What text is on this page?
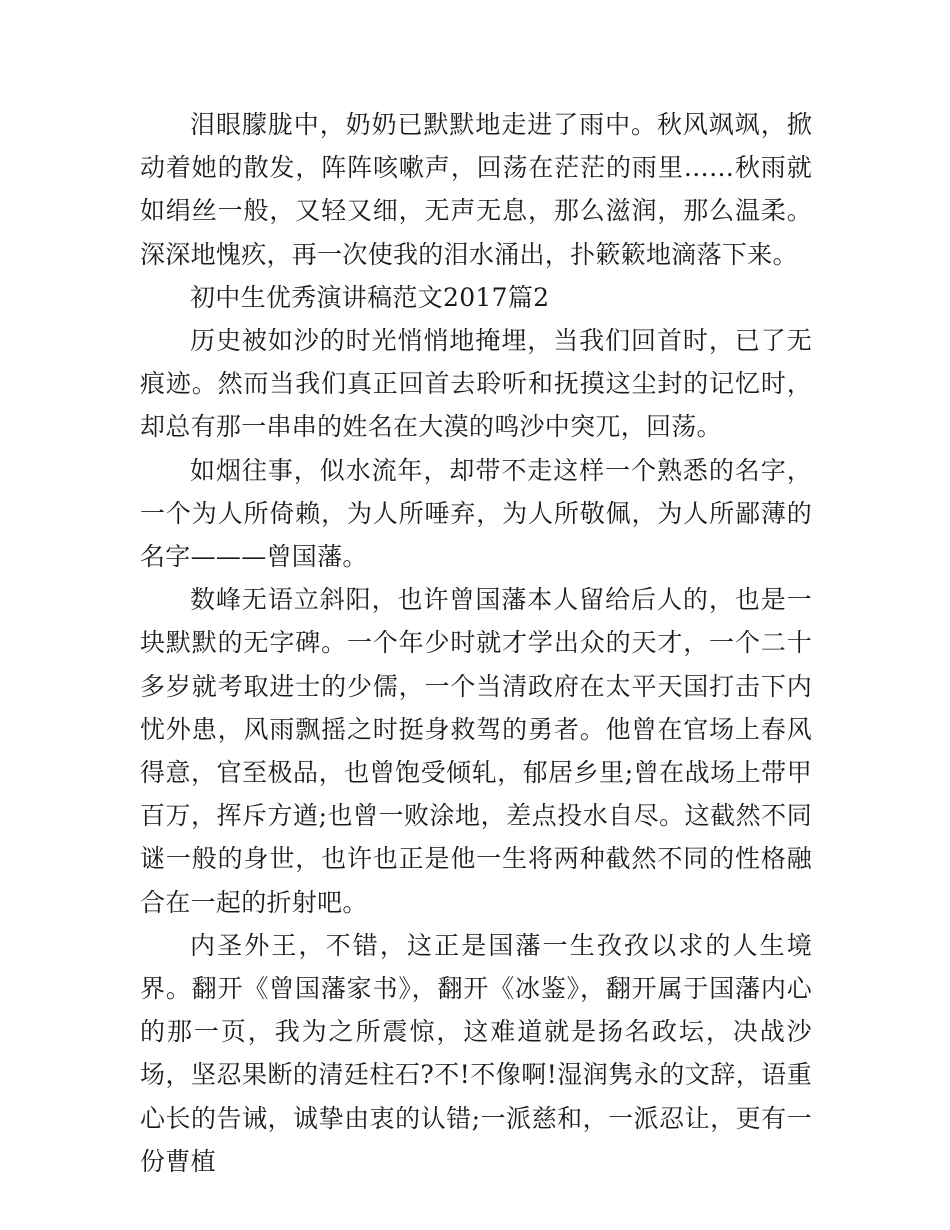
泪眼朦胧中，奶奶已默默地走进了雨中。秋风飒飒，掀动着她的散发，阵阵咳嗽声，回荡在茫茫的雨里……秋雨就如绢丝一般，又轻又细，无声无息，那么滋润，那么温柔。深深地愧疚，再一次使我的泪水涌出，扑簌簌地滴落下来。

初中生优秀演讲稿范文2017篇2

历史被如沙的时光悄悄地掩埋，当我们回首时，已了无痕迹。然而当我们真正回首去聆听和抚摸这尘封的记忆时，却总有那一串串的姓名在大漠的鸣沙中突兀，回荡。

如烟往事，似水流年，却带不走这样一个熟悉的名字，一个为人所倚赖，为人所唾弃，为人所敬佩，为人所鄙薄的名字———曾国藩。

数峰无语立斜阳，也许曾国藩本人留给后人的，也是一块默默的无字碑。一个年少时就才学出众的天才，一个二十多岁就考取进士的少儒，一个当清政府在太平天国打击下内忧外患，风雨飘摇之时挺身救驾的勇者。他曾在官场上春风得意，官至极品，也曾饱受倾轧，郁居乡里;曾在战场上带甲百万，挥斥方遒;也曾一败涂地，差点投水自尽。这截然不同谜一般的身世，也许也正是他一生将两种截然不同的性格融合在一起的折射吧。

内圣外王，不错，这正是国藩一生孜孜以求的人生境界。翻开《曾国藩家书》，翻开《冰鉴》，翻开属于国藩内心的那一页，我为之所震惊，这难道就是扬名政坛，决战沙场，坚忍果断的清廷柱石?不!不像啊!湿润隽永的文辞，语重心长的告诫，诚挚由衷的认错;一派慈和，一派忍让，更有一份曹植
